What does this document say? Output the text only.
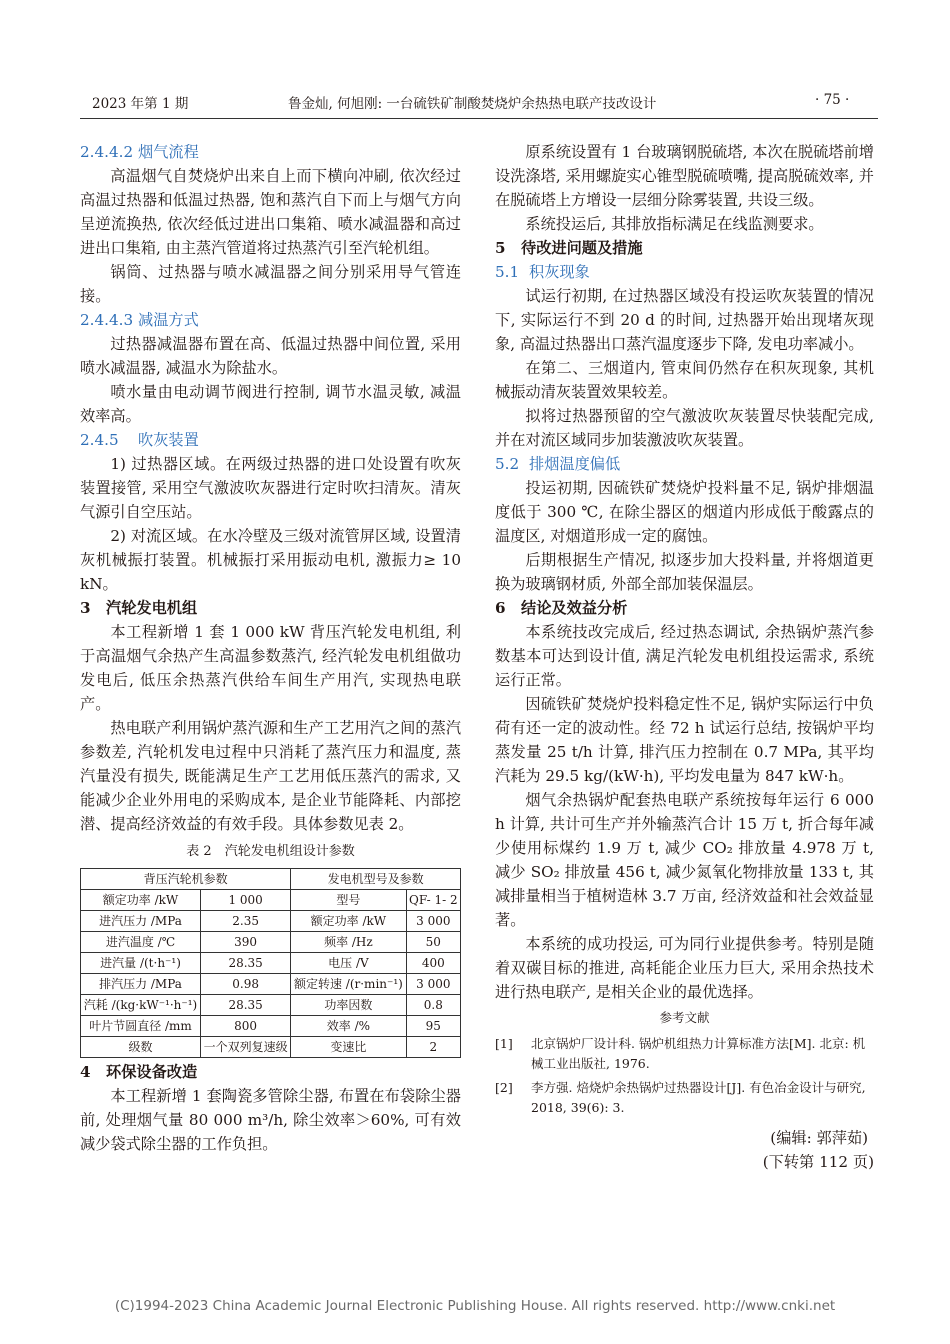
2023 年第 1 期	鲁金灿, 何旭刚: 一台硫铁矿制酸焚烧炉余热热电联产技改设计	· 75 ·
2.4.4.2 烟气流程

高温烟气自焚烧炉出来自上而下横向冲刷, 依次经过高温过热器和低温过热器, 饱和蒸汽自下而上与烟气方向呈逆流换热, 依次经低过进出口集箱、喷水减温器和高过进出口集箱, 由主蒸汽管道将过热蒸汽引至汽轮机组。

锅筒、过热器与喷水减温器之间分别采用导气管连接。

2.4.4.3 减温方式

过热器减温器布置在高、低温过热器中间位置, 采用喷水减温器, 减温水为除盐水。

喷水量由电动调节阀进行控制, 调节水温灵敏, 减温效率高。

2.4.5 吹灰装置

1) 过热器区域。在两级过热器的进口处设置有吹灰装置接管, 采用空气激波吹灰器进行定时吹扫清灰。清灰气源引自空压站。

2) 对流区域。在水冷壁及三级对流管屏区域, 设置清灰机械振打装置。机械振打采用振动电机, 激振力≥ 10 kN。

3 汽轮发电机组

本工程新增 1 套 1 000 kW 背压汽轮发电机组, 利于高温烟气余热产生高温参数蒸汽, 经汽轮发电机组做功发电后, 低压余热蒸汽供给车间生产用汽, 实现热电联产。

热电联产利用锅炉蒸汽源和生产工艺用汽之间的蒸汽参数差, 汽轮机发电过程中只消耗了蒸汽压力和温度, 蒸汽量没有损失, 既能满足生产工艺用低压蒸汽的需求, 又能减少企业外用电的采购成本, 是企业节能降耗、内部挖潜、提高经济效益的有效手段。具体参数见表 2。

表 2　汽轮发电机组设计参数
背压汽轮机参数		发电机型号及参数	
额定功率 /kW	1 000	型号	QF- 1- 2
进汽压力 /MPa	2.35	额定功率 /kW	3 000
进汽温度 /℃	390	频率 /Hz	50
进汽量 /(t·h⁻¹)	28.35	电压 /V	400
排汽压力 /MPa	0.98	额定转速 /(r·min⁻¹)	3 000
汽耗 /(kg·kW⁻¹·h⁻¹)	28.35	功率因数	0.8
叶片节圆直径 /mm	800	效率 /%	95
级数	一个双列复速级	变速比	2
4 环保设备改造

本工程新增 1 套陶瓷多管除尘器, 布置在布袋除尘器前, 处理烟气量 80 000 m³/h, 除尘效率＞60%, 可有效减少袋式除尘器的工作负担。

原系统设置有 1 台玻璃钢脱硫塔, 本次在脱硫塔前增设洗涤塔, 采用螺旋实心锥型脱硫喷嘴, 提高脱硫效率, 并在脱硫塔上方增设一层细分除雾装置, 共设三级。

系统投运后, 其排放指标满足在线监测要求。

5 待改进问题及措施
5.1 积灰现象

试运行初期, 在过热器区域没有投运吹灰装置的情况下, 实际运行不到 20 d 的时间, 过热器开始出现堵灰现象, 高温过热器出口蒸汽温度逐步下降, 发电功率减小。

在第二、三烟道内, 管束间仍然存在积灰现象, 其机械振动清灰装置效果较差。

拟将过热器预留的空气激波吹灰装置尽快装配完成, 并在对流区域同步加装激波吹灰装置。

5.2 排烟温度偏低

投运初期, 因硫铁矿焚烧炉投料量不足, 锅炉排烟温度低于 300 ℃, 在除尘器区的烟道内形成低于酸露点的温度区, 对烟道形成一定的腐蚀。

后期根据生产情况, 拟逐步加大投料量, 并将烟道更换为玻璃钢材质, 外部全部加装保温层。

6 结论及效益分析

本系统技改完成后, 经过热态调试, 余热锅炉蒸汽参数基本可达到设计值, 满足汽轮发电机组投运需求, 系统运行正常。

因硫铁矿焚烧炉投料稳定性不足, 锅炉实际运行中负荷有还一定的波动性。经 72 h 试运行总结, 按锅炉平均蒸发量 25 t/h 计算, 排汽压力控制在 0.7 MPa, 其平均汽耗为 29.5 kg/(kW·h), 平均发电量为 847 kW·h。

烟气余热锅炉配套热电联产系统按每年运行 6 000 h 计算, 共计可生产并外输蒸汽合计 15 万 t, 折合每年减少使用标煤约 1.9 万 t, 减少 CO₂ 排放量 4.978 万 t, 减少 SO₂ 排放量 456 t, 减少氮氧化物排放量 133 t, 其减排量相当于植树造林 3.7 万亩, 经济效益和社会效益显著。

本系统的成功投运, 可为同行业提供参考。特别是随着双碳目标的推进, 高耗能企业压力巨大, 采用余热技术进行热电联产, 是相关企业的最优选择。

参考文献
[1]	北京锅炉厂设计科. 锅炉机组热力计算标准方法[M]. 北京: 机械工业出版社, 1976.
[2]	李方强. 焙烧炉余热锅炉过热器设计[J]. 有色冶金设计与研究, 2018, 39(6): 3.
(编辑: 郭萍茹)
(下转第 112 页)
(C)1994-2023 China Academic Journal Electronic Publishing House. All rights reserved. http://www.cnki.net
